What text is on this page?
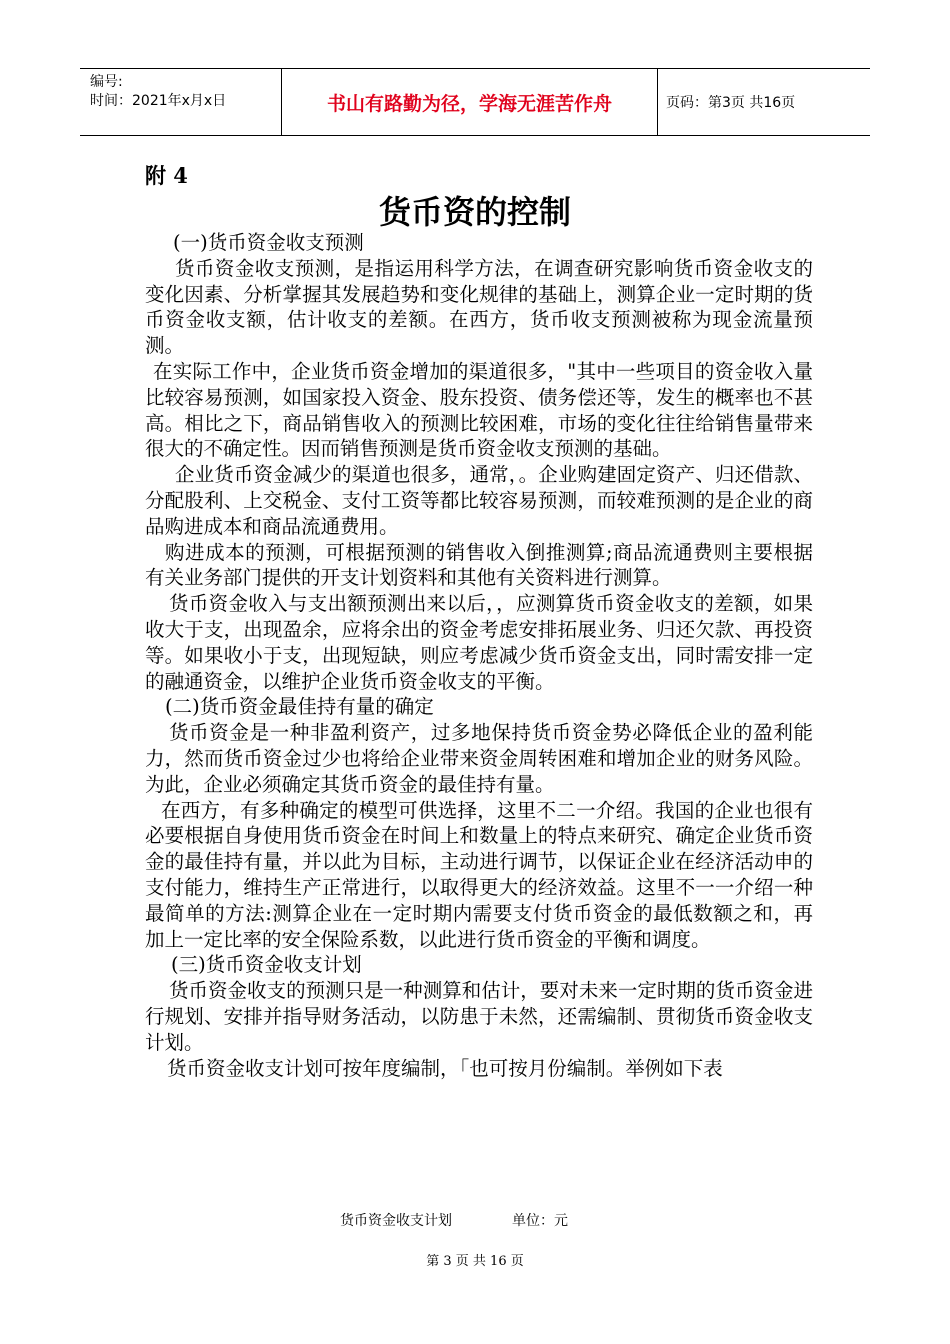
编号:
时间：2021年x月x日	书山有路勤为径，学海无涯苦作舟	页码：第3页 共16页
附 4
货币资的控制

(一)货币资金收支预测

货币资金收支预测，是指运用科学方法，在调查研究影响货币资金收支的变化因素、分析掌握其发展趋势和变化规律的基础上，测算企业一定时期的货币资金收支额，估计收支的差额。在西方，货币收支预测被称为现金流量预测。

在实际工作中，企业货币资金增加的渠道很多，"其中一些项目的资金收入量比较容易预测，如国家投入资金、股东投资、债务偿还等，发生的概率也不甚高。相比之下，商品销售收入的预测比较困难，市场的变化往往给销售量带来很大的不确定性。因而销售预测是货币资金收支预测的基础。

企业货币资金减少的渠道也很多，通常，。企业购建固定资产、归还借款、分配股利、上交税金、支付工资等都比较容易预测，而较难预测的是企业的商品购进成本和商品流通费用。

购进成本的预测，可根据预测的销售收入倒推测算;商品流通费则主要根据有关业务部门提供的开支计划资料和其他有关资料进行测算。

货币资金收入与支出额预测出来以后，，应测算货币资金收支的差额，如果收大于支，出现盈余，应将余出的资金考虑安排拓展业务、归还欠款、再投资等。如果收小于支，出现短缺，则应考虑减少货币资金支出，同时需安排一定的融通资金，以维护企业货币资金收支的平衡。

(二)货币资金最佳持有量的确定

货币资金是一种非盈利资产，过多地保持货币资金势必降低企业的盈利能力，然而货币资金过少也将给企业带来资金周转困难和增加企业的财务风险。为此，企业必须确定其货币资金的最佳持有量。

在西方，有多种确定的模型可供选择，这里不二一介绍。我国的企业也很有必要根据自身使用货币资金在时间上和数量上的特点来研究、确定企业货币资金的最佳持有量，并以此为目标，主动进行调节，以保证企业在经济活动申的支付能力，维持生产正常进行，以取得更大的经济效益。这里不一一介绍一种最简单的方法:测算企业在一定时期内需要支付货币资金的最低数额之和，再加上一定比率的安全保险系数，以此进行货币资金的平衡和调度。

(三)货币资金收支计划

货币资金收支的预测只是一种测算和估计，要对未来一定时期的货币资金进行规划、安排并指导财务活动，以防患于未然，还需编制、贯彻货币资金收支计划。

货币资金收支计划可按年度编制，「也可按月份编制。举例如下表

货币资金收支计划	单位：元
第 3 页 共 16 页
